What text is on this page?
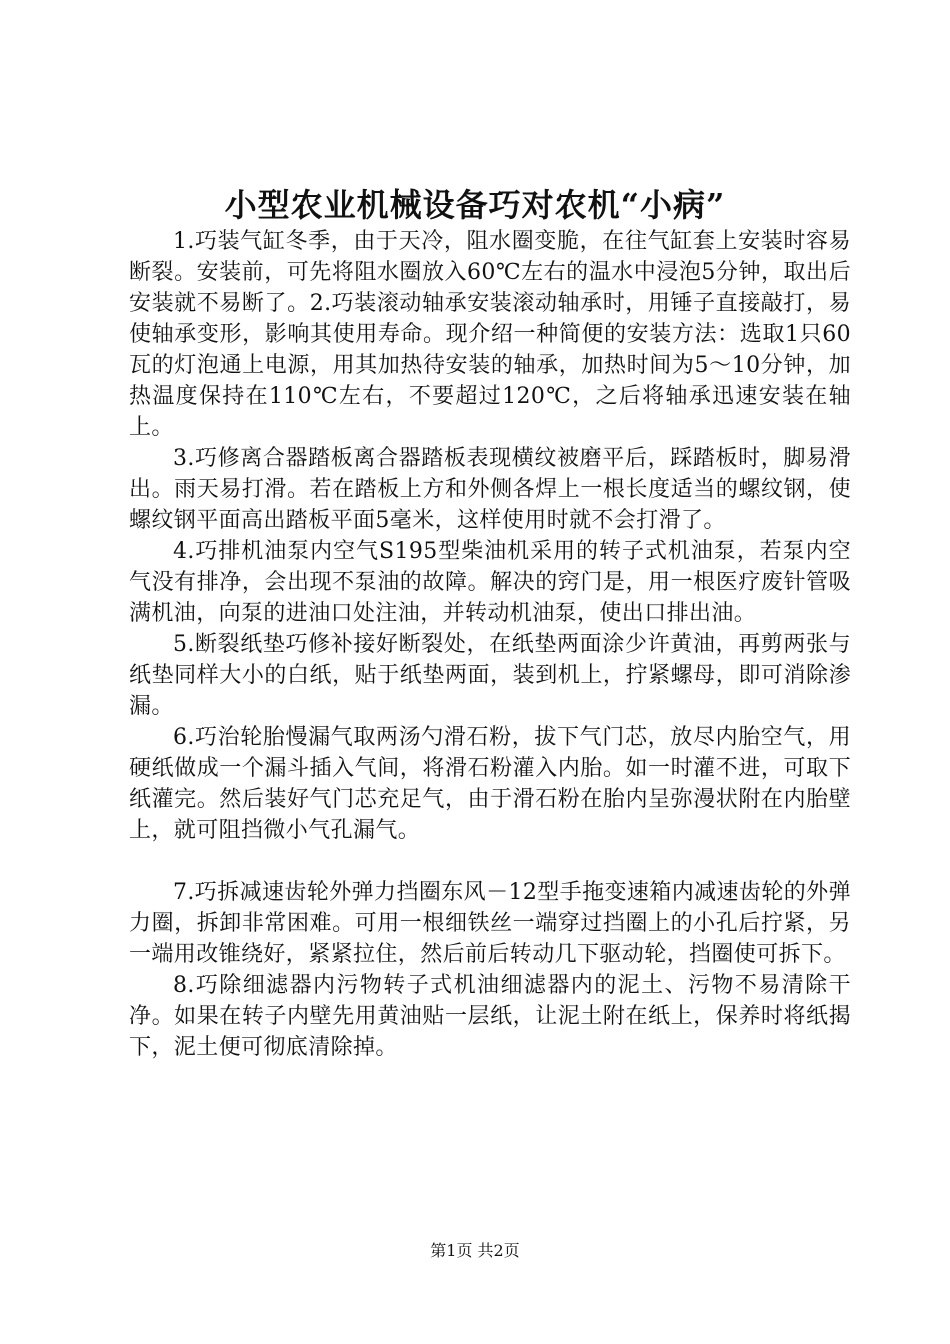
小型农业机械设备巧对农机“小病”

1.巧装气缸冬季，由于天冷，阻水圈变脆，在往气缸套上安装时容易断裂。安装前，可先将阻水圈放入60℃左右的温水中浸泡5分钟，取出后安装就不易断了。2.巧装滚动轴承安装滚动轴承时，用锤子直接敲打，易使轴承变形，影响其使用寿命。现介绍一种简便的安装方法：选取1只60瓦的灯泡通上电源，用其加热待安装的轴承，加热时间为5～10分钟，加热温度保持在110℃左右，不要超过120℃，之后将轴承迅速安装在轴上。

3.巧修离合器踏板离合器踏板表现横纹被磨平后，踩踏板时，脚易滑出。雨天易打滑。若在踏板上方和外侧各焊上一根长度适当的螺纹钢，使螺纹钢平面高出踏板平面5毫米，这样使用时就不会打滑了。

4.巧排机油泵内空气S195型柴油机采用的转子式机油泵，若泵内空气没有排净，会出现不泵油的故障。解决的窍门是，用一根医疗废针管吸满机油，向泵的进油口处注油，并转动机油泵，使出口排出油。

5.断裂纸垫巧修补接好断裂处，在纸垫两面涂少许黄油，再剪两张与纸垫同样大小的白纸，贴于纸垫两面，装到机上，拧紧螺母，即可消除渗漏。

6.巧治轮胎慢漏气取两汤勺滑石粉，拔下气门芯，放尽内胎空气，用硬纸做成一个漏斗插入气间，将滑石粉灌入内胎。如一时灌不进，可取下纸灌完。然后装好气门芯充足气，由于滑石粉在胎内呈弥漫状附在内胎壁上，就可阻挡微小气孔漏气。

7.巧拆减速齿轮外弹力挡圈东风－12型手拖变速箱内减速齿轮的外弹力圈，拆卸非常困难。可用一根细铁丝一端穿过挡圈上的小孔后拧紧，另一端用改锥绕好，紧紧拉住，然后前后转动几下驱动轮，挡圈使可拆下。

8.巧除细滤器内污物转子式机油细滤器内的泥土、污物不易清除干净。如果在转子内壁先用黄油贴一层纸，让泥土附在纸上，保养时将纸揭下，泥土便可彻底清除掉。

第1页 共2页
